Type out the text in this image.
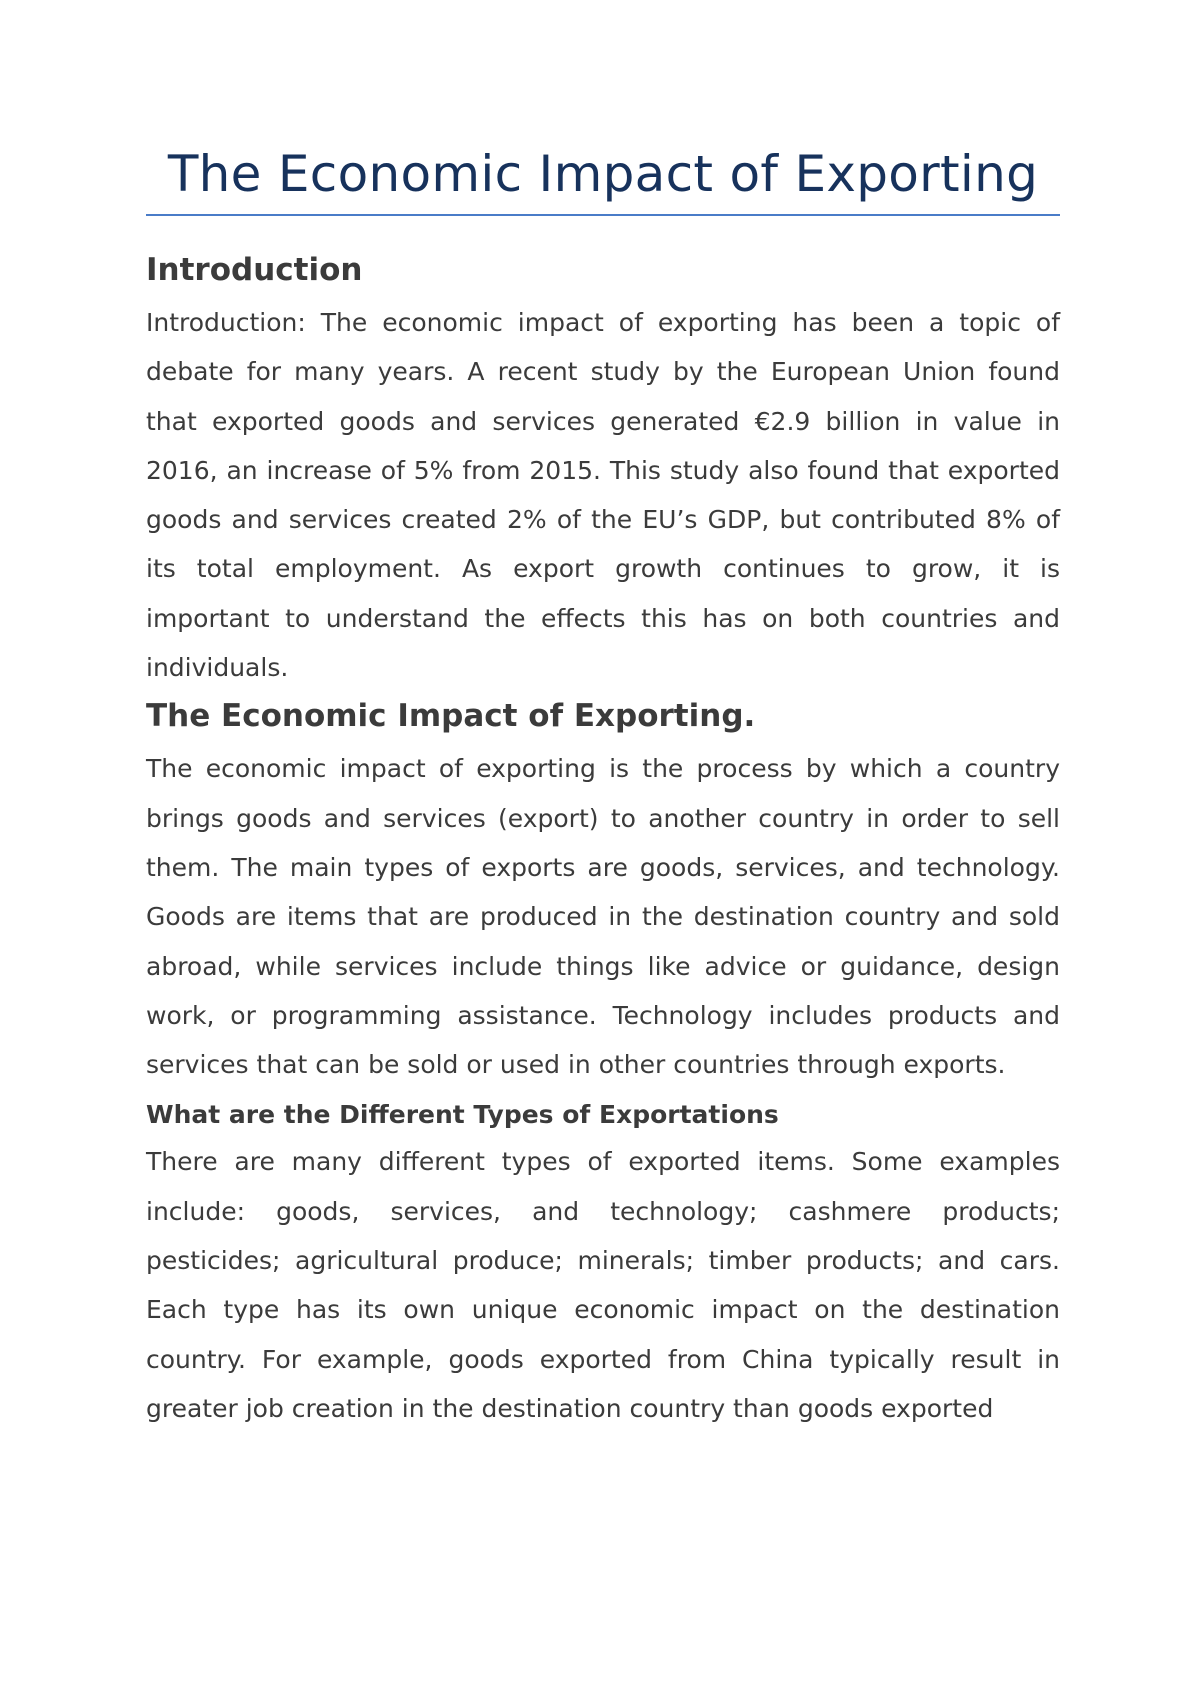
The Economic Impact of Exporting
Introduction

Introduction: The economic impact of exporting has been a topic of debate for many years. A recent study by the European Union found that exported goods and services generated €2.9 billion in value in 2016, an increase of 5% from 2015. This study also found that exported goods and services created 2% of the EU’s GDP, but contributed 8% of its total employment. As export growth continues to grow, it is important to understand the effects this has on both countries and individuals.

The Economic Impact of Exporting.

The economic impact of exporting is the process by which a country brings goods and services (export) to another country in order to sell them. The main types of exports are goods, services, and technology. Goods are items that are produced in the destination country and sold abroad, while services include things like advice or guidance, design work, or programming assistance. Technology includes products and services that can be sold or used in other countries through exports.

What are the Different Types of Exportations

There are many different types of exported items. Some examples include: goods, services, and technology; cashmere products; pesticides; agricultural produce; minerals; timber products; and cars. Each type has its own unique economic impact on the destination country. For example, goods exported from China typically result in greater job creation in the destination country than goods exported
